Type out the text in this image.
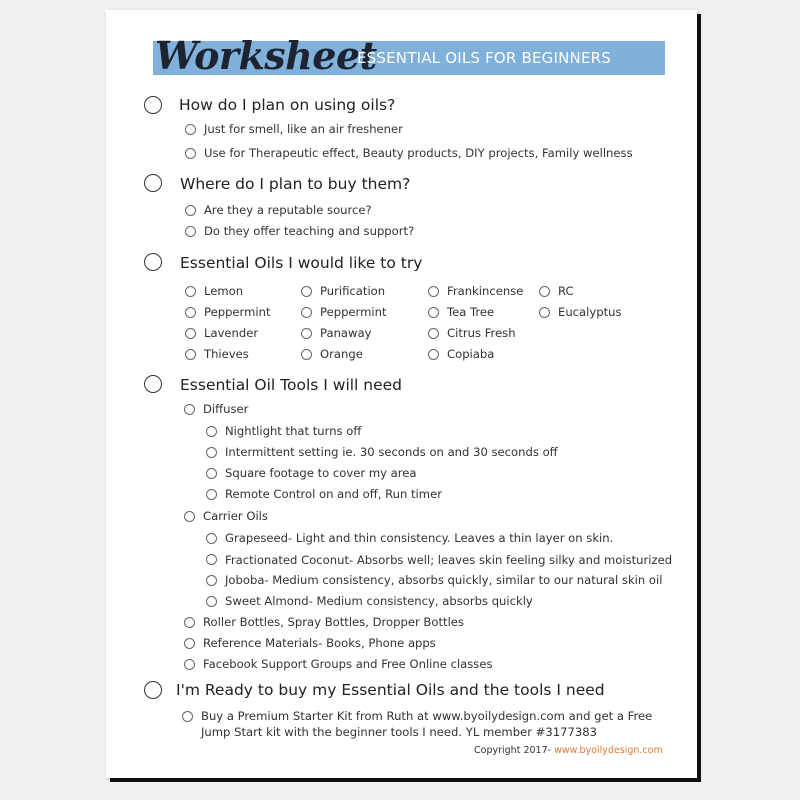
Worksheet
ESSENTIAL OILS FOR BEGINNERS
How do I plan on using oils?
Just for smell, like an air freshener
Use for Therapeutic effect, Beauty products, DIY projects, Family wellness
Where do I plan to buy them?
Are they a reputable source?
Do they offer teaching and support?
Essential Oils I would like to try
Lemon
Peppermint
Lavender
Thieves
Purification
Peppermint
Panaway
Orange
Frankincense
Tea Tree
Citrus Fresh
Copiaba
RC
Eucalyptus
Essential Oil Tools I will need
Diffuser
Nightlight that turns off
Intermittent setting ie. 30 seconds on and 30 seconds off
Square footage to cover my area
Remote Control on and off, Run timer
Carrier Oils
Grapeseed- Light and thin consistency. Leaves a thin layer on skin.
Fractionated Coconut- Absorbs well; leaves skin feeling silky and moisturized
Joboba- Medium consistency, absorbs quickly, similar to our natural skin oil
Sweet Almond- Medium consistency, absorbs quickly
Roller Bottles, Spray Bottles, Dropper Bottles
Reference Materials- Books, Phone apps
Facebook Support Groups and Free Online classes
I'm Ready to buy my Essential Oils and the tools I need
Buy a Premium Starter Kit from Ruth at www.byoilydesign.com and get a Free
Jump Start kit with the beginner tools I need. YL member #3177383
Copyright 2017- www.byoilydesign.com
